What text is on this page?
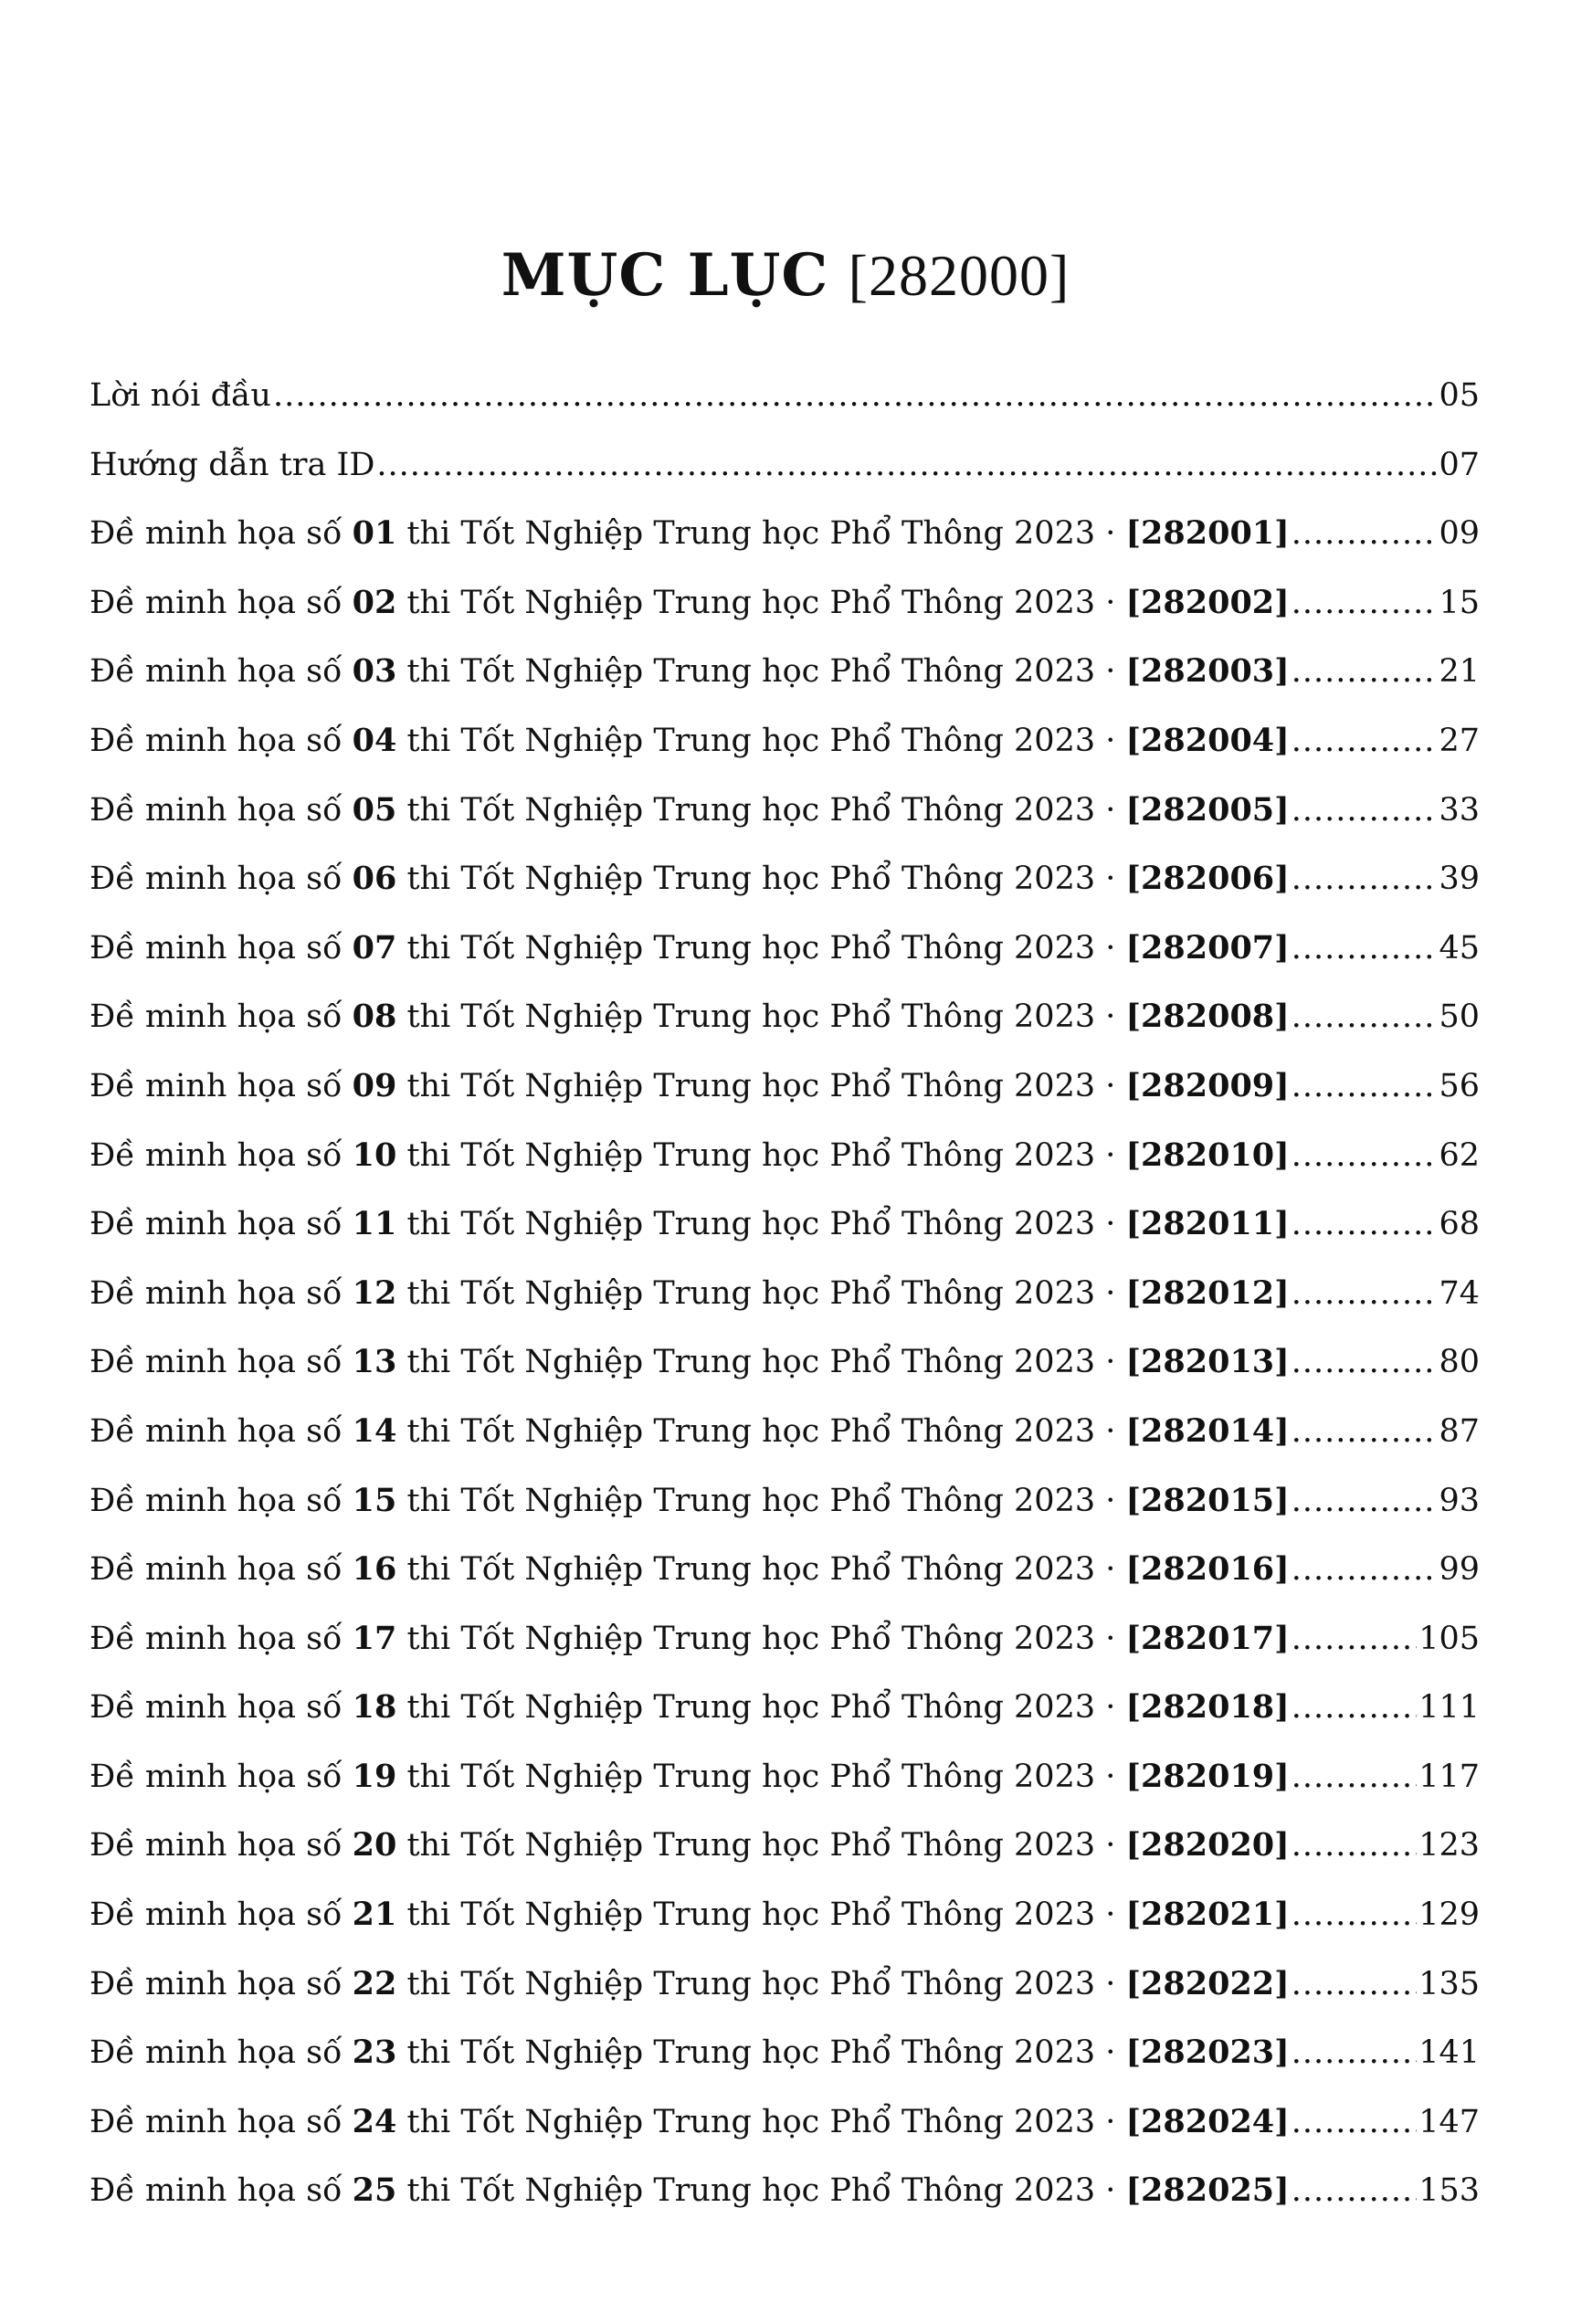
MỤC LỤC [282000]
Lời nói đầu .....	05
Hướng dẫn tra ID .....	07
Đề minh họa số 01 thi Tốt Nghiệp Trung học Phổ Thông 2023 · [282001] .....	09
Đề minh họa số 02 thi Tốt Nghiệp Trung học Phổ Thông 2023 · [282002] .....	15
Đề minh họa số 03 thi Tốt Nghiệp Trung học Phổ Thông 2023 · [282003] .....	21
Đề minh họa số 04 thi Tốt Nghiệp Trung học Phổ Thông 2023 · [282004] .....	27
Đề minh họa số 05 thi Tốt Nghiệp Trung học Phổ Thông 2023 · [282005] .....	33
Đề minh họa số 06 thi Tốt Nghiệp Trung học Phổ Thông 2023 · [282006] .....	39
Đề minh họa số 07 thi Tốt Nghiệp Trung học Phổ Thông 2023 · [282007] .....	45
Đề minh họa số 08 thi Tốt Nghiệp Trung học Phổ Thông 2023 · [282008] .....	50
Đề minh họa số 09 thi Tốt Nghiệp Trung học Phổ Thông 2023 · [282009] .....	56
Đề minh họa số 10 thi Tốt Nghiệp Trung học Phổ Thông 2023 · [282010] .....	62
Đề minh họa số 11 thi Tốt Nghiệp Trung học Phổ Thông 2023 · [282011] .....	68
Đề minh họa số 12 thi Tốt Nghiệp Trung học Phổ Thông 2023 · [282012] .....	74
Đề minh họa số 13 thi Tốt Nghiệp Trung học Phổ Thông 2023 · [282013] .....	80
Đề minh họa số 14 thi Tốt Nghiệp Trung học Phổ Thông 2023 · [282014] .....	87
Đề minh họa số 15 thi Tốt Nghiệp Trung học Phổ Thông 2023 · [282015] .....	93
Đề minh họa số 16 thi Tốt Nghiệp Trung học Phổ Thông 2023 · [282016] .....	99
Đề minh họa số 17 thi Tốt Nghiệp Trung học Phổ Thông 2023 · [282017] .....	105
Đề minh họa số 18 thi Tốt Nghiệp Trung học Phổ Thông 2023 · [282018] .....	111
Đề minh họa số 19 thi Tốt Nghiệp Trung học Phổ Thông 2023 · [282019] .....	117
Đề minh họa số 20 thi Tốt Nghiệp Trung học Phổ Thông 2023 · [282020] .....	123
Đề minh họa số 21 thi Tốt Nghiệp Trung học Phổ Thông 2023 · [282021] .....	129
Đề minh họa số 22 thi Tốt Nghiệp Trung học Phổ Thông 2023 · [282022] .....	135
Đề minh họa số 23 thi Tốt Nghiệp Trung học Phổ Thông 2023 · [282023] .....	141
Đề minh họa số 24 thi Tốt Nghiệp Trung học Phổ Thông 2023 · [282024] .....	147
Đề minh họa số 25 thi Tốt Nghiệp Trung học Phổ Thông 2023 · [282025] .....	153
